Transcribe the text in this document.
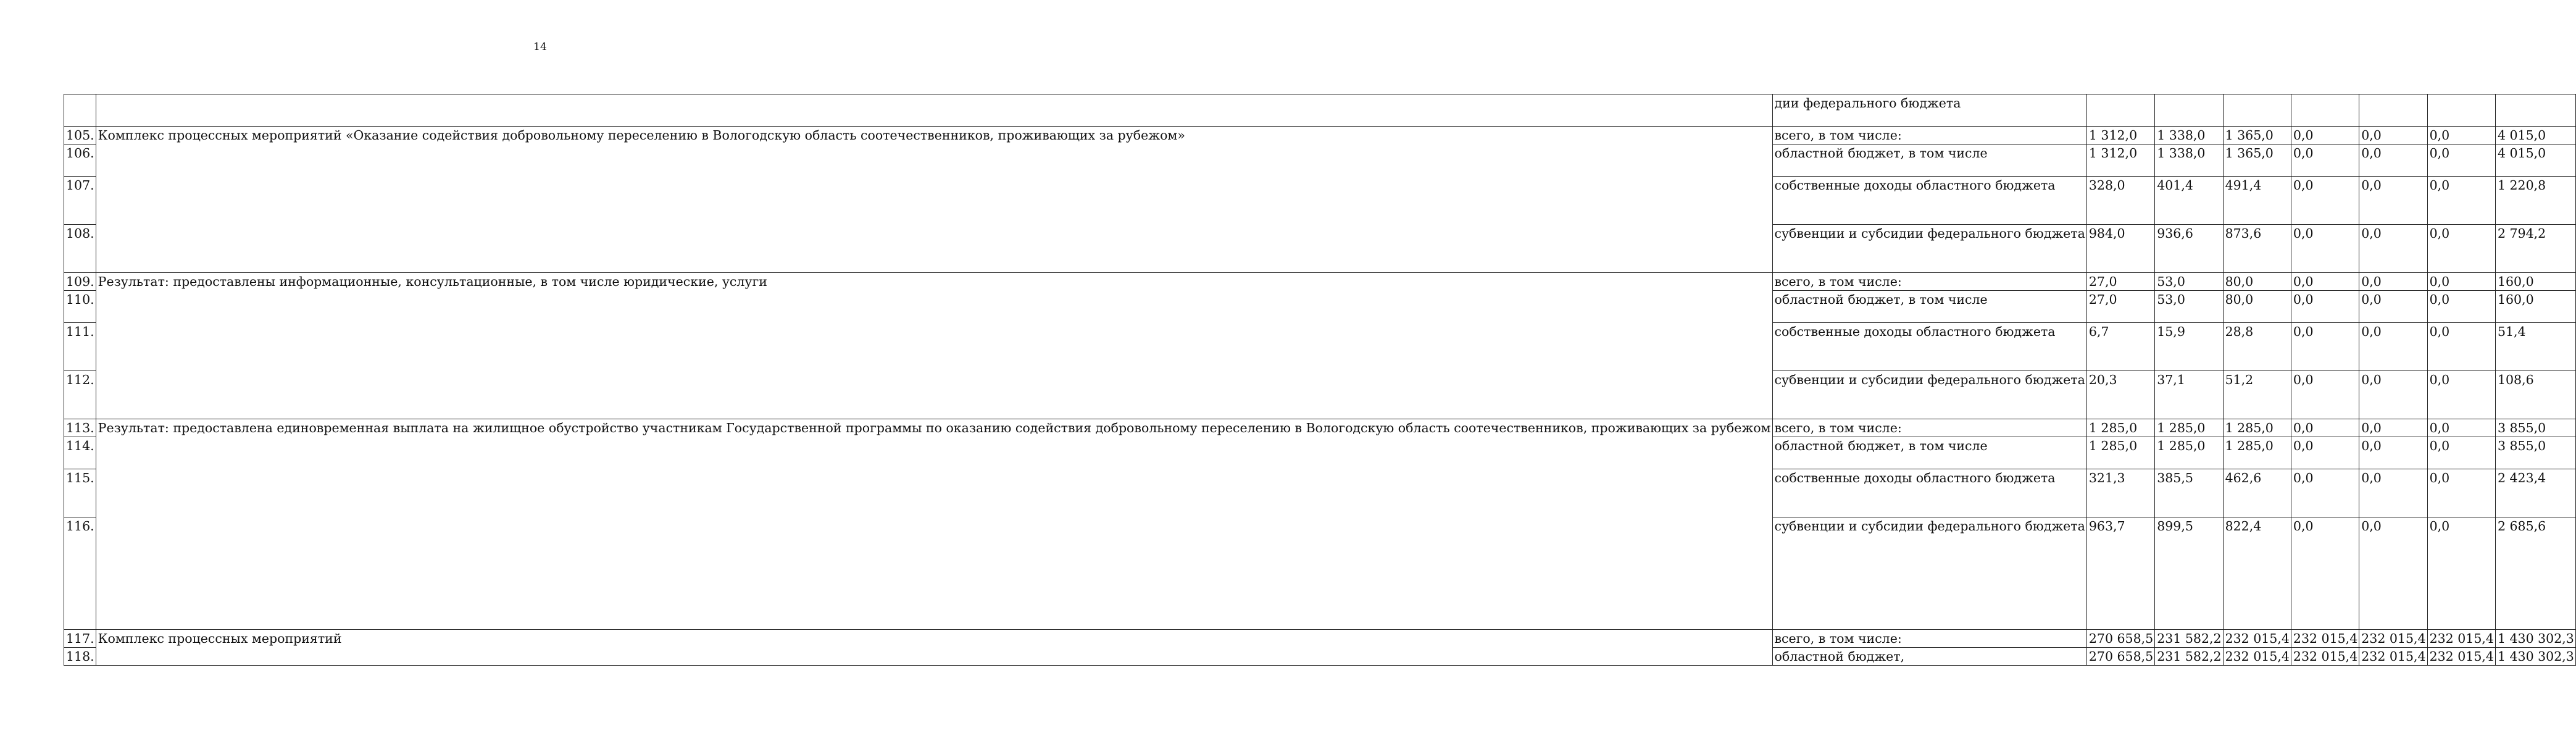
14
		дии федерального бюджета							
105.	Комплекс процессных мероприятий «Оказание содействия добровольному переселению в Вологодскую область соотечественников, проживающих за рубежом»	всего, в том числе:	1 312,0	1 338,0	1 365,0	0,0	0,0	0,0	4 015,0
106.		областной бюджет, в том числе	1 312,0	1 338,0	1 365,0	0,0	0,0	0,0	4 015,0
107.		собственные доходы областного бюджета	328,0	401,4	491,4	0,0	0,0	0,0	1 220,8
108.		субвенции и субсидии федерального бюджета	984,0	936,6	873,6	0,0	0,0	0,0	2 794,2
109.	Результат: предоставлены информационные, консультационные, в том числе юридические, услуги	всего, в том числе:	27,0	53,0	80,0	0,0	0,0	0,0	160,0
110.		областной бюджет, в том числе	27,0	53,0	80,0	0,0	0,0	0,0	160,0
111.		собственные доходы областного бюджета	6,7	15,9	28,8	0,0	0,0	0,0	51,4
112.		субвенции и субсидии федерального бюджета	20,3	37,1	51,2	0,0	0,0	0,0	108,6
113.	Результат: предоставлена единовременная выплата на жилищное обустройство участникам Государственной программы по оказанию содействия добровольному переселению в Вологодскую область соотечественников, проживающих за рубежом	всего, в том числе:	1 285,0	1 285,0	1 285,0	0,0	0,0	0,0	3 855,0
114.		областной бюджет, в том числе	1 285,0	1 285,0	1 285,0	0,0	0,0	0,0	3 855,0
115.		собственные доходы областного бюджета	321,3	385,5	462,6	0,0	0,0	0,0	2 423,4
116.		субвенции и субсидии федерального бюджета	963,7	899,5	822,4	0,0	0,0	0,0	2 685,6
117.	Комплекс процессных мероприятий	всего, в том числе:	270 658,5	231 582,2	232 015,4	232 015,4	232 015,4	232 015,4	1 430 302,3
118.		областной бюджет,	270 658,5	231 582,2	232 015,4	232 015,4	232 015,4	232 015,4	1 430 302,3
